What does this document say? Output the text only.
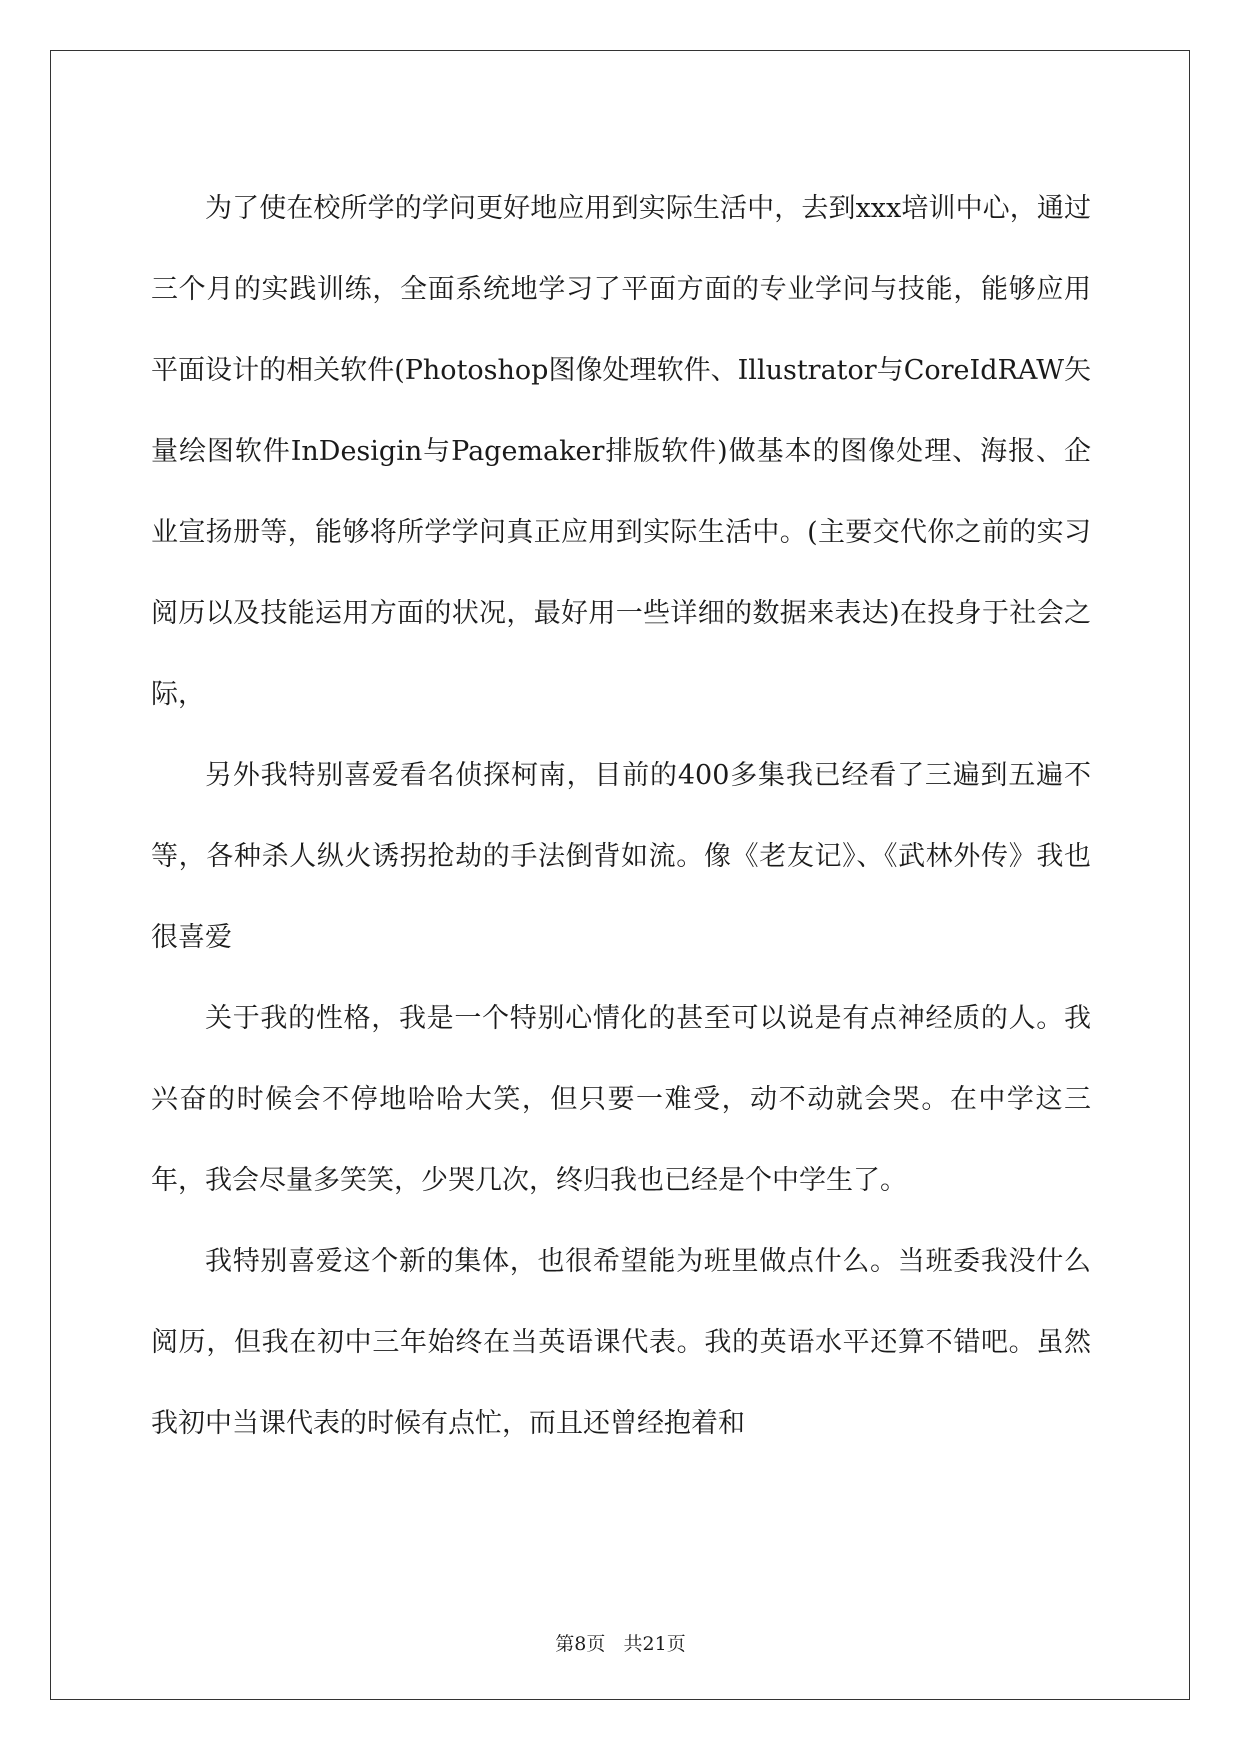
为了使在校所学的学问更好地应用到实际生活中，去到xxx培训中心，通过三个月的实践训练，全面系统地学习了平面方面的专业学问与技能，能够应用平面设计的相关软件(Photoshop图像处理软件、Illustrator与CoreIdRAW矢量绘图软件InDesigin与Pagemaker排版软件)做基本的图像处理、海报、企业宣扬册等，能够将所学学问真正应用到实际生活中。(主要交代你之前的实习阅历以及技能运用方面的状况，最好用一些详细的数据来表达)在投身于社会之际，

另外我特别喜爱看名侦探柯南，目前的400多集我已经看了三遍到五遍不等，各种杀人纵火诱拐抢劫的手法倒背如流。像《老友记》、《武林外传》我也很喜爱

关于我的性格，我是一个特别心情化的甚至可以说是有点神经质的人。我兴奋的时候会不停地哈哈大笑，但只要一难受，动不动就会哭。在中学这三年，我会尽量多笑笑，少哭几次，终归我也已经是个中学生了。

我特别喜爱这个新的集体，也很希望能为班里做点什么。当班委我没什么阅历，但我在初中三年始终在当英语课代表。我的英语水平还算不错吧。虽然我初中当课代表的时候有点忙，而且还曾经抱着和

第8页 共21页
